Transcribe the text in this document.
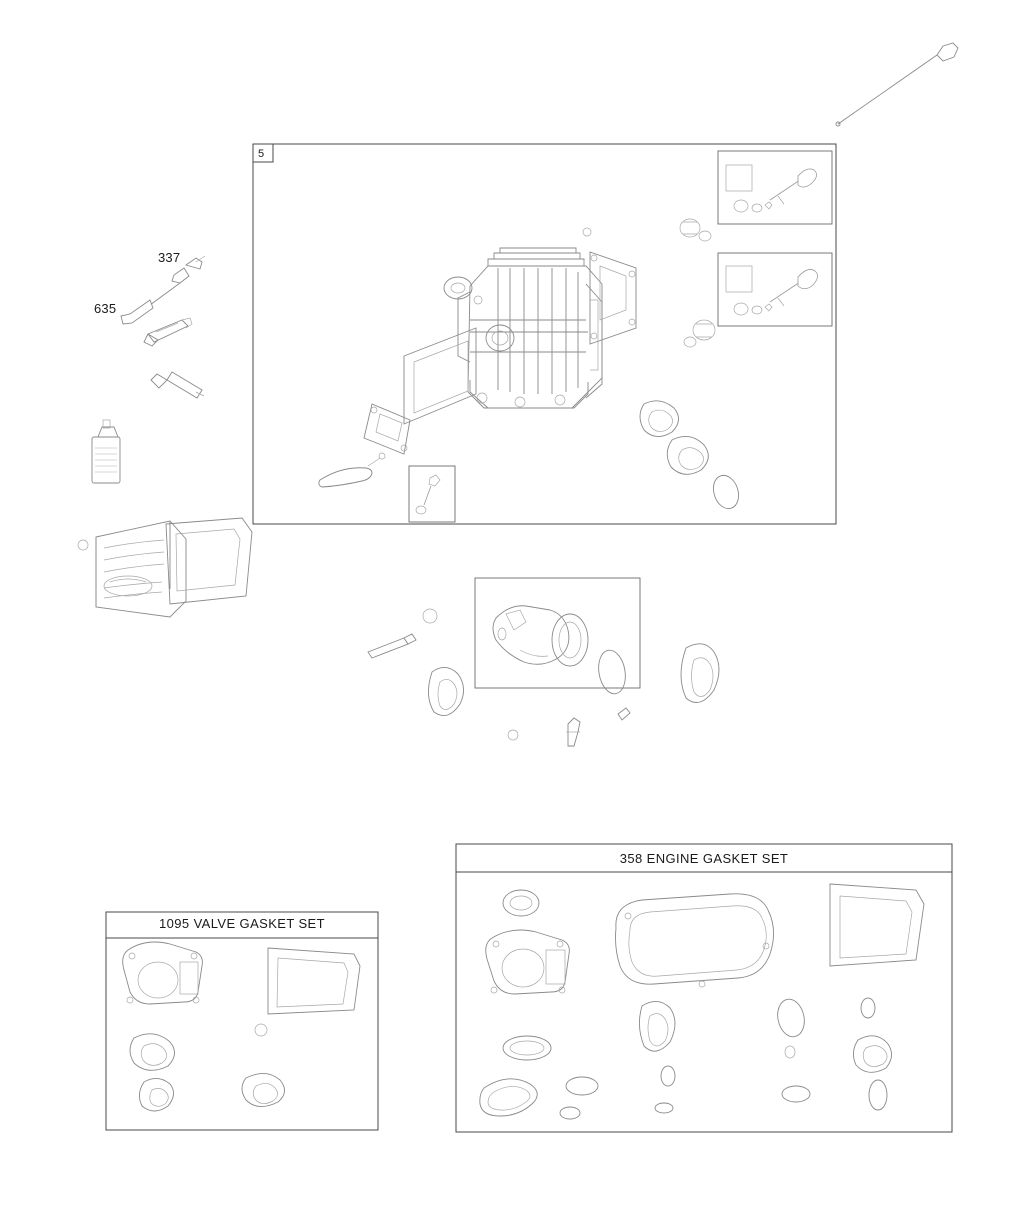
5
337
635
1095 VALVE GASKET SET
358 ENGINE GASKET SET
